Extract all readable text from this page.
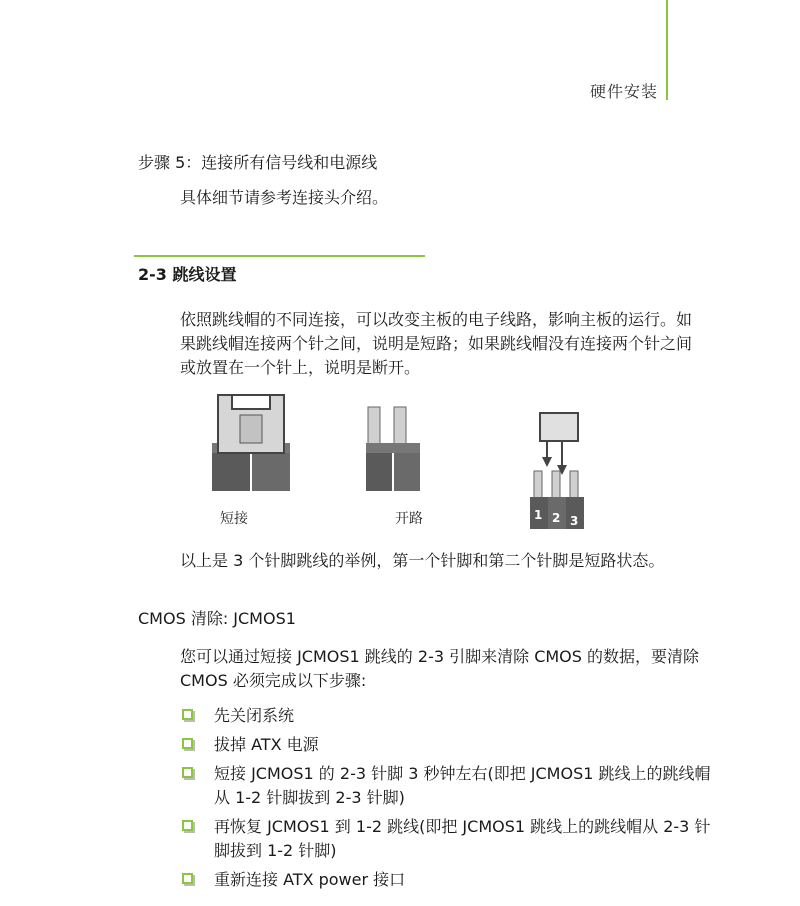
硬件安装
步骤 5：连接所有信号线和电源线
具体细节请参考连接头介绍。
2-3 跳线设置
依照跳线帽的不同连接，可以改变主板的电子线路，影响主板的运行。如果跳线帽连接两个针之间，说明是短路；如果跳线帽没有连接两个针之间或放置在一个针上，说明是断开。
短接	开路	1 2 3
以上是 3 个针脚跳线的举例，第一个针脚和第二个针脚是短路状态。
CMOS 清除: JCMOS1
您可以通过短接 JCMOS1 跳线的 2-3 引脚来清除 CMOS 的数据，要清除 CMOS 必须完成以下步骤:
先关闭系统
拔掉 ATX 电源
短接 JCMOS1 的 2-3 针脚 3 秒钟左右(即把 JCMOS1 跳线上的跳线帽从 1-2 针脚拔到 2-3 针脚)
再恢复 JCMOS1 到 1-2 跳线(即把 JCMOS1 跳线上的跳线帽从 2-3 针脚拔到 1-2 针脚)
重新连接 ATX power 接口
